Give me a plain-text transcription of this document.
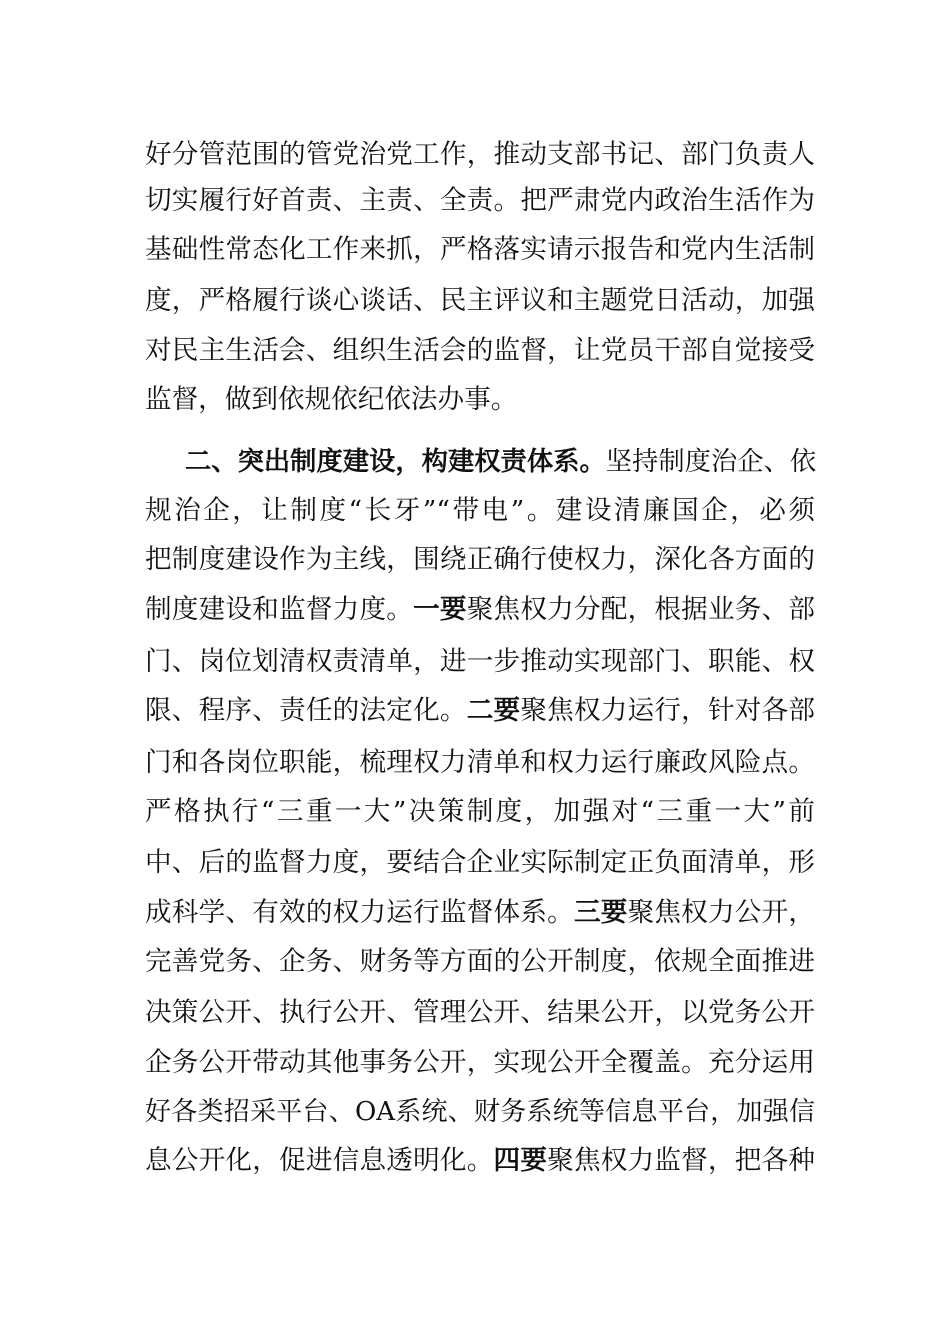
好分管范围的管党治党工作，推动支部书记、部门负责人
切实履行好首责、主责、全责。把严肃党内政治生活作为
基础性常态化工作来抓，严格落实请示报告和党内生活制
度，严格履行谈心谈话、民主评议和主题党日活动，加强
对民主生活会、组织生活会的监督，让党员干部自觉接受
监督，做到依规依纪依法办事。
二、突出制度建设，构建权责体系。坚持制度治企、依
规治企，让制度“长牙”“带电”。建设清廉国企，必须
把制度建设作为主线，围绕正确行使权力，深化各方面的
制度建设和监督力度。一要聚焦权力分配，根据业务、部
门、岗位划清权责清单，进一步推动实现部门、职能、权
限、程序、责任的法定化。二要聚焦权力运行，针对各部
门和各岗位职能，梳理权力清单和权力运行廉政风险点。
严格执行“三重一大”决策制度，加强对“三重一大”前
中、后的监督力度，要结合企业实际制定正负面清单，形
成科学、有效的权力运行监督体系。三要聚焦权力公开，
完善党务、企务、财务等方面的公开制度，依规全面推进
决策公开、执行公开、管理公开、结果公开，以党务公开
企务公开带动其他事务公开，实现公开全覆盖。充分运用
好各类招采平台、OA系统、财务系统等信息平台，加强信
息公开化，促进信息透明化。四要聚焦权力监督，把各种
